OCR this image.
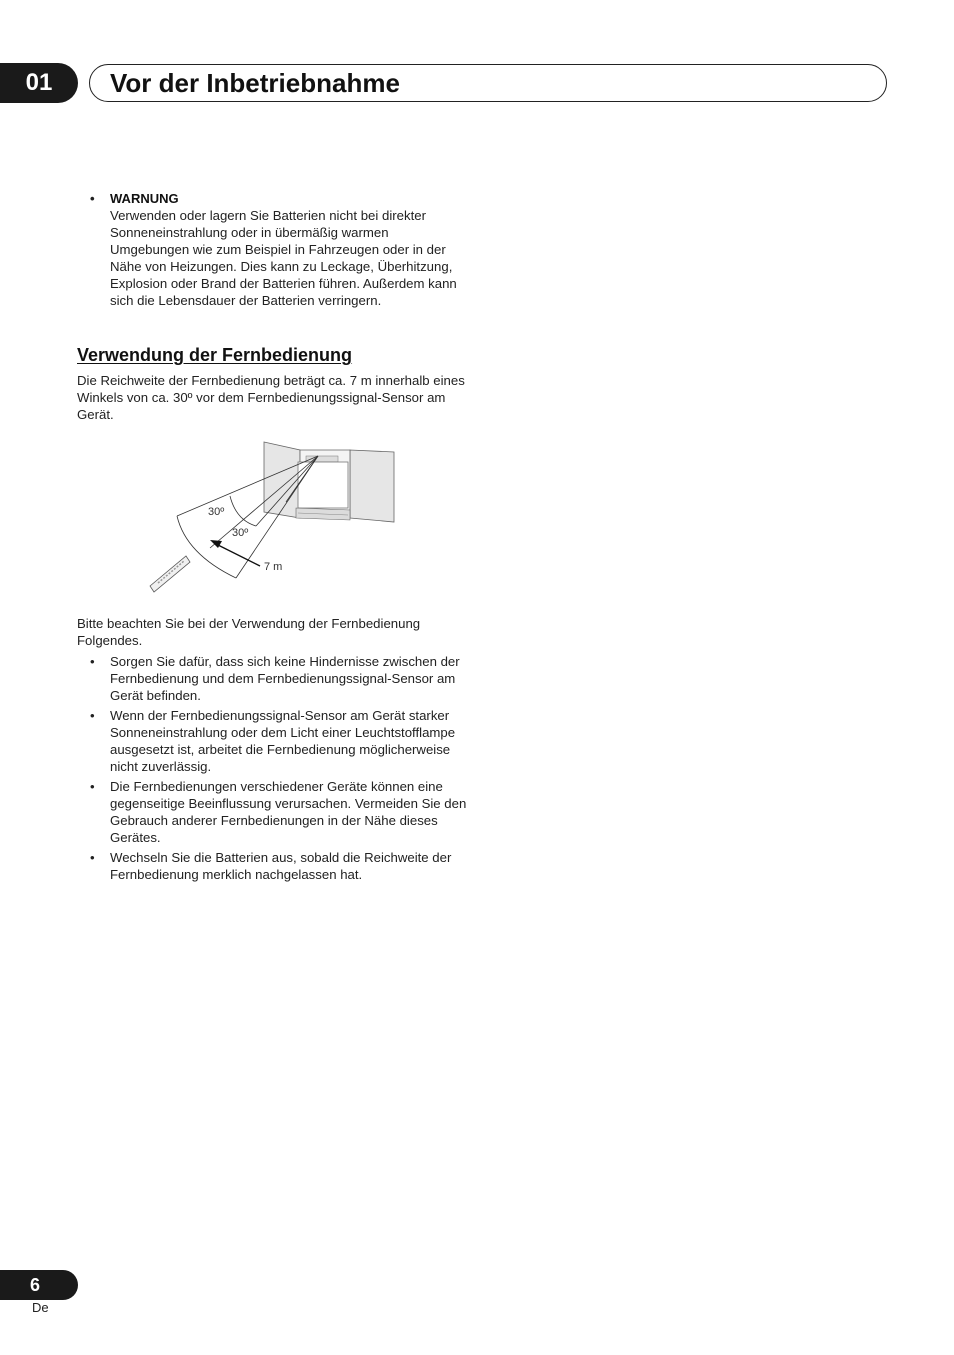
01	Vor der Inbetriebnahme
• WARNUNG
Verwenden oder lagern Sie Batterien nicht bei direkter Sonneneinstrahlung oder in übermäßig warmen Umgebungen wie zum Beispiel in Fahrzeugen oder in der Nähe von Heizungen. Dies kann zu Leckage, Überhitzung, Explosion oder Brand der Batterien führen. Außerdem kann sich die Lebensdauer der Batterien verringern.
Verwendung der Fernbedienung
Die Reichweite der Fernbedienung beträgt ca. 7 m innerhalb eines Winkels von ca. 30º vor dem Fernbedienungssignal-Sensor am Gerät.
30º
30º
7 m
Bitte beachten Sie bei der Verwendung der Fernbedienung Folgendes.
• Sorgen Sie dafür, dass sich keine Hindernisse zwischen der Fernbedienung und dem Fernbedienungssignal-Sensor am Gerät befinden.
• Wenn der Fernbedienungssignal-Sensor am Gerät starker Sonneneinstrahlung oder dem Licht einer Leuchtstofflampe ausgesetzt ist, arbeitet die Fernbedienung möglicherweise nicht zuverlässig.
• Die Fernbedienungen verschiedener Geräte können eine gegenseitige Beeinflussung verursachen. Vermeiden Sie den Gebrauch anderer Fernbedienungen in der Nähe dieses Gerätes.
• Wechseln Sie die Batterien aus, sobald die Reichweite der Fernbedienung merklich nachgelassen hat.
6
De
